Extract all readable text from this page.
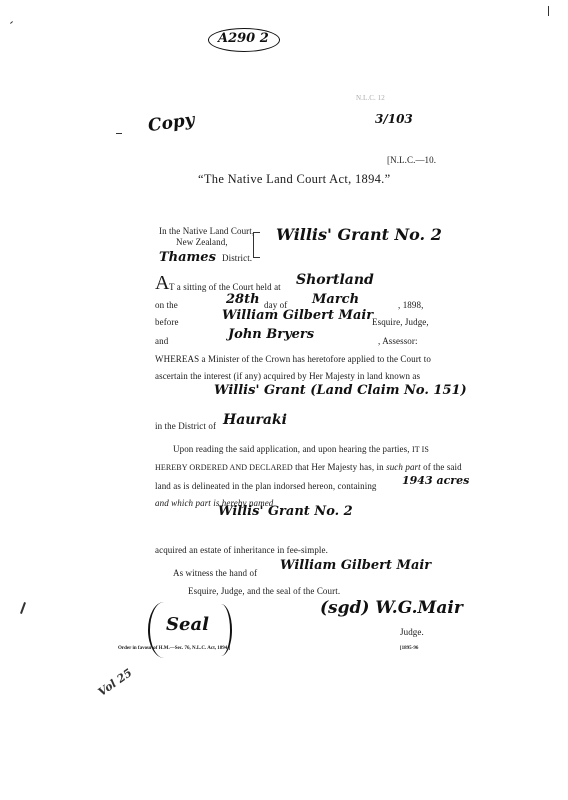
A290 2
Copy
N.L.C. 12
3/103
[N.L.C.—10.
“The Native Land Court Act, 1894.”
In the Native Land Court,
New Zealand,	Willis' Grant No. 2
Thames District.
A T a sitting of the Court held at Shortland
on the	28th day of March	, 1898,
before	William Gilbert Mair
Esquire, Judge,
and	John Bryers	, Assessor:
WHEREAS a Minister of the Crown has heretofore applied to the Court to
ascertain the interest (if any) acquired by Her Majesty in land known as
Willis' Grant (Land Claim No. 151)
in the District of Hauraki
Upon reading the said application, and upon hearing the parties, IT IS
HEREBY ORDERED AND DECLARED that Her Majesty has, in such part of the said
land as is delineated in the plan indorsed hereon, containing 1943 acres
and which part is hereby named
Willis' Grant No. 2
acquired an estate of inheritance in fee-simple.
As witness the hand of William Gilbert Mair
Esquire, Judge, and the seal of the Court.
Seal
(sgd) W.G.Mair
Judge.
Order in favour of H.M.—Sec. 76, N.L.C. Act, 1894.]	[1895-96
Vol 25
